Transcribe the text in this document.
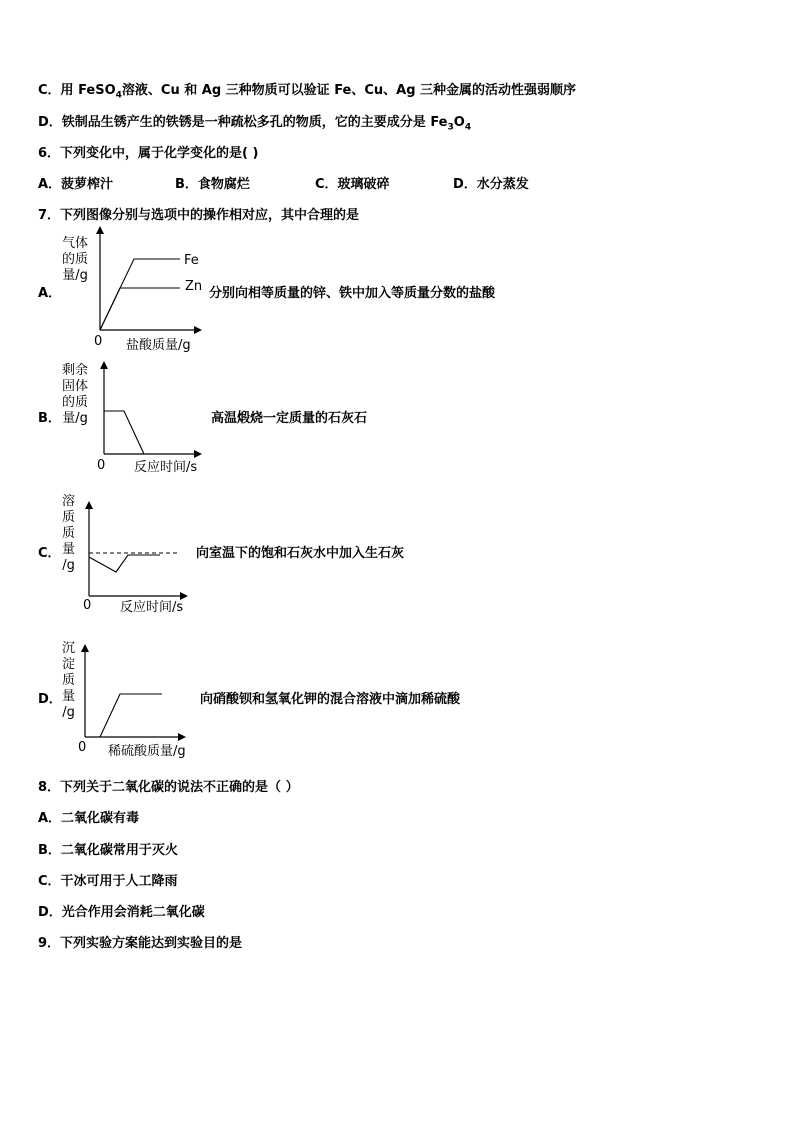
C．用 FeSO$_4$溶液、Cu 和 Ag 三种物质可以验证 Fe、Cu、Ag 三种金属的活动性强弱顺序
D．铁制品生锈产生的铁锈是一种疏松多孔的物质，它的主要成分是 $Fe_3O_4$
6．下列变化中，属于化学变化的是( )
A．菠萝榨汁	B．食物腐烂	C．玻璃破碎	D．水分蒸发
7．下列图像分别与选项中的操作相对应，其中合理的是
A．
气体
的质
量/g
Fe
Zn 分别向相等质量的锌、铁中加入等质量分数的盐酸
0 盐酸质量/g
B．
剩余
固体
的质
量/g	高温煅烧一定质量的石灰石
0 反应时间/s
C．
溶
质
质
量
/g
向室温下的饱和石灰水中加入生石灰
0 反应时间/s
D．
沉
淀
质
量
/g
向硝酸钡和氢氧化钾的混合溶液中滴加稀硫酸
0 稀硫酸质量/g
8．下列关于二氧化碳的说法不正确的是（ ）
A．二氧化碳有毒
B．二氧化碳常用于灭火
C．干冰可用于人工降雨
D．光合作用会消耗二氧化碳
9．下列实验方案能达到实验目的是
